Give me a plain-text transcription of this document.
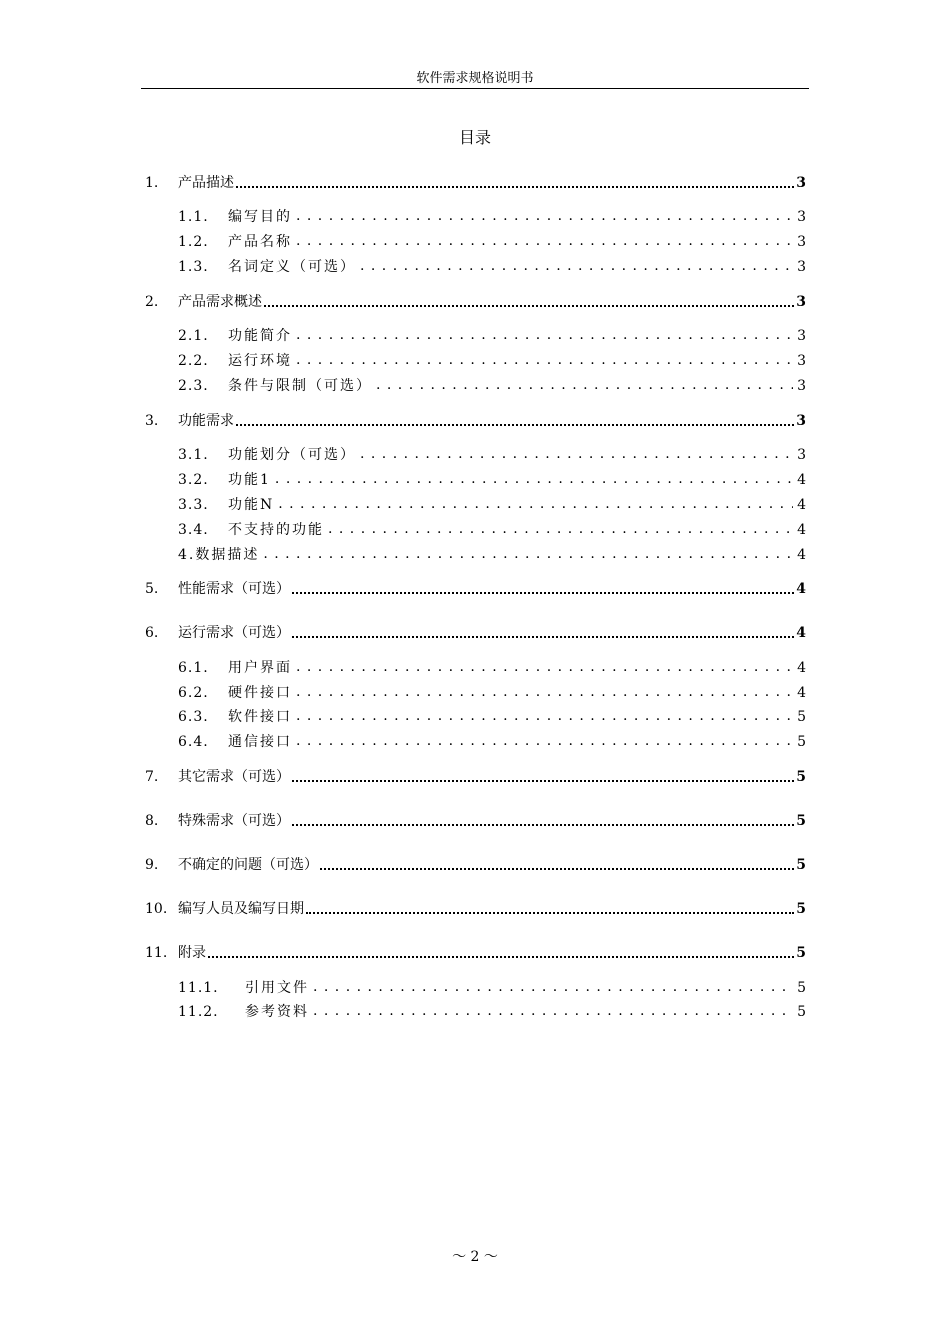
软件需求规格说明书
目录
1.	产品描述	3
1.1.	编写目的 . . .	3
1.2.	产品名称 . . .	3
1.3.	名词定义（可选） . . .	3
2.	产品需求概述	3
2.1.	功能简介 . . .	3
2.2.	运行环境 . . .	3
2.3.	条件与限制（可选） . . .	3
3.	功能需求	3
3.1.	功能划分（可选） . . .	3
3.2.	功能1 . . .	4
3.3.	功能N . . .	4
3.4.	不支持的功能 . . .	4
4.数据描述 . . .	4
5.	性能需求（可选）	4
6.	运行需求（可选）	4
6.1.	用户界面 . . .	4
6.2.	硬件接口 . . .	4
6.3.	软件接口 . . .	5
6.4.	通信接口 . . .	5
7.	其它需求（可选）	5
8.	特殊需求（可选）	5
9.	不确定的问题（可选）	5
10. 编写人员及编写日期	5
11. 附录	5
11.1.	引用文件 . . .	5
11.2.	参考资料 . . .	5
～ 2 ～
